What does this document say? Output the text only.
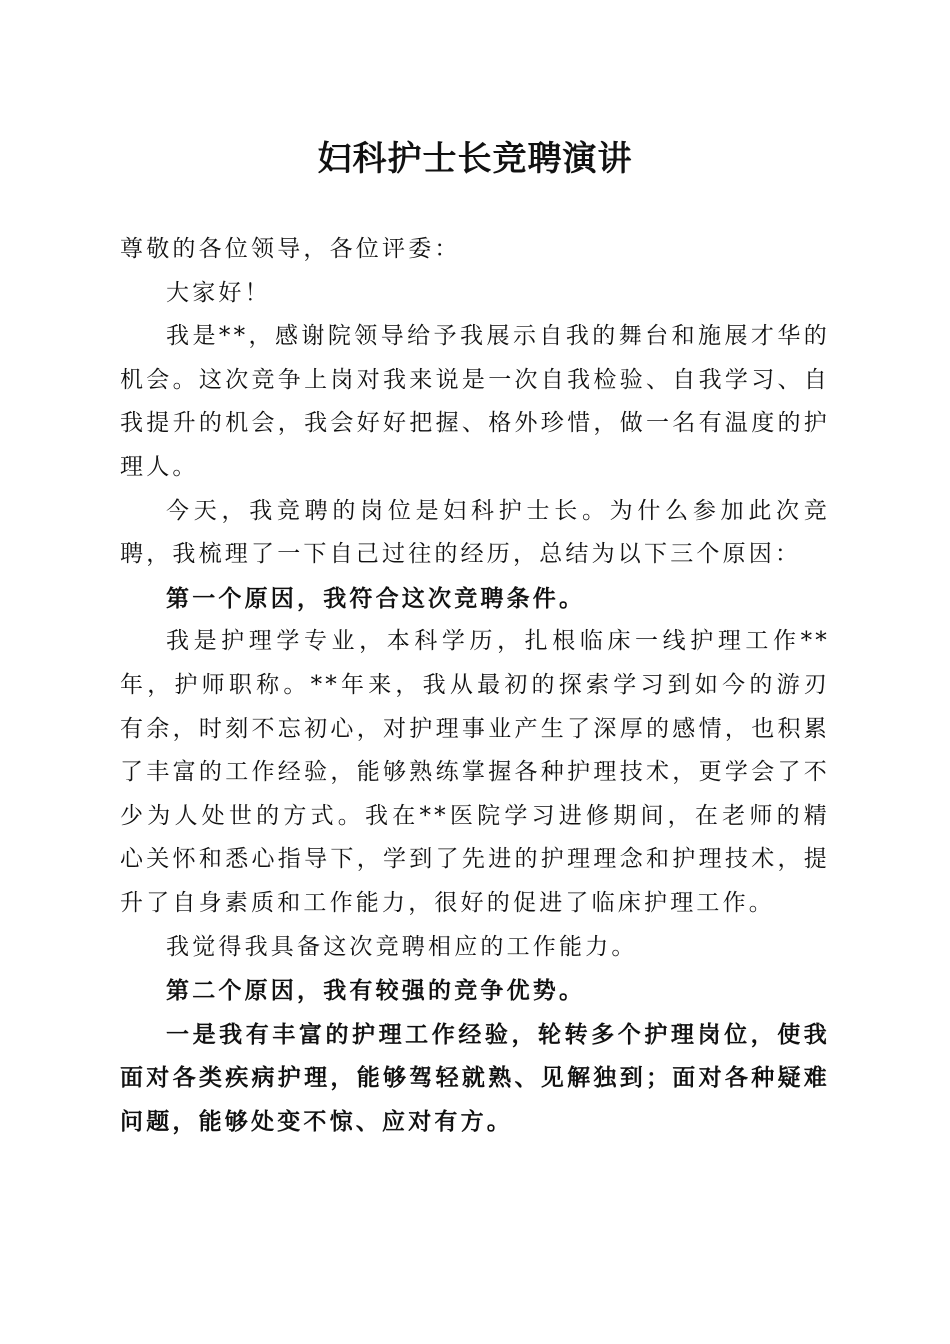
妇科护士长竞聘演讲

尊敬的各位领导，各位评委：

大家好！

我是**，感谢院领导给予我展示自我的舞台和施展才华的机会。这次竞争上岗对我来说是一次自我检验、自我学习、自我提升的机会，我会好好把握、格外珍惜，做一名有温度的护理人。

今天，我竞聘的岗位是妇科护士长。为什么参加此次竞聘，我梳理了一下自己过往的经历，总结为以下三个原因：

第一个原因，我符合这次竞聘条件。

我是护理学专业，本科学历，扎根临床一线护理工作**年，护师职称。**年来，我从最初的探索学习到如今的游刃有余，时刻不忘初心，对护理事业产生了深厚的感情，也积累了丰富的工作经验，能够熟练掌握各种护理技术，更学会了不少为人处世的方式。我在**医院学习进修期间，在老师的精心关怀和悉心指导下，学到了先进的护理理念和护理技术，提升了自身素质和工作能力，很好的促进了临床护理工作。

我觉得我具备这次竞聘相应的工作能力。

第二个原因，我有较强的竞争优势。

一是我有丰富的护理工作经验，轮转多个护理岗位，使我面对各类疾病护理，能够驾轻就熟、见解独到；面对各种疑难问题，能够处变不惊、应对有方。
